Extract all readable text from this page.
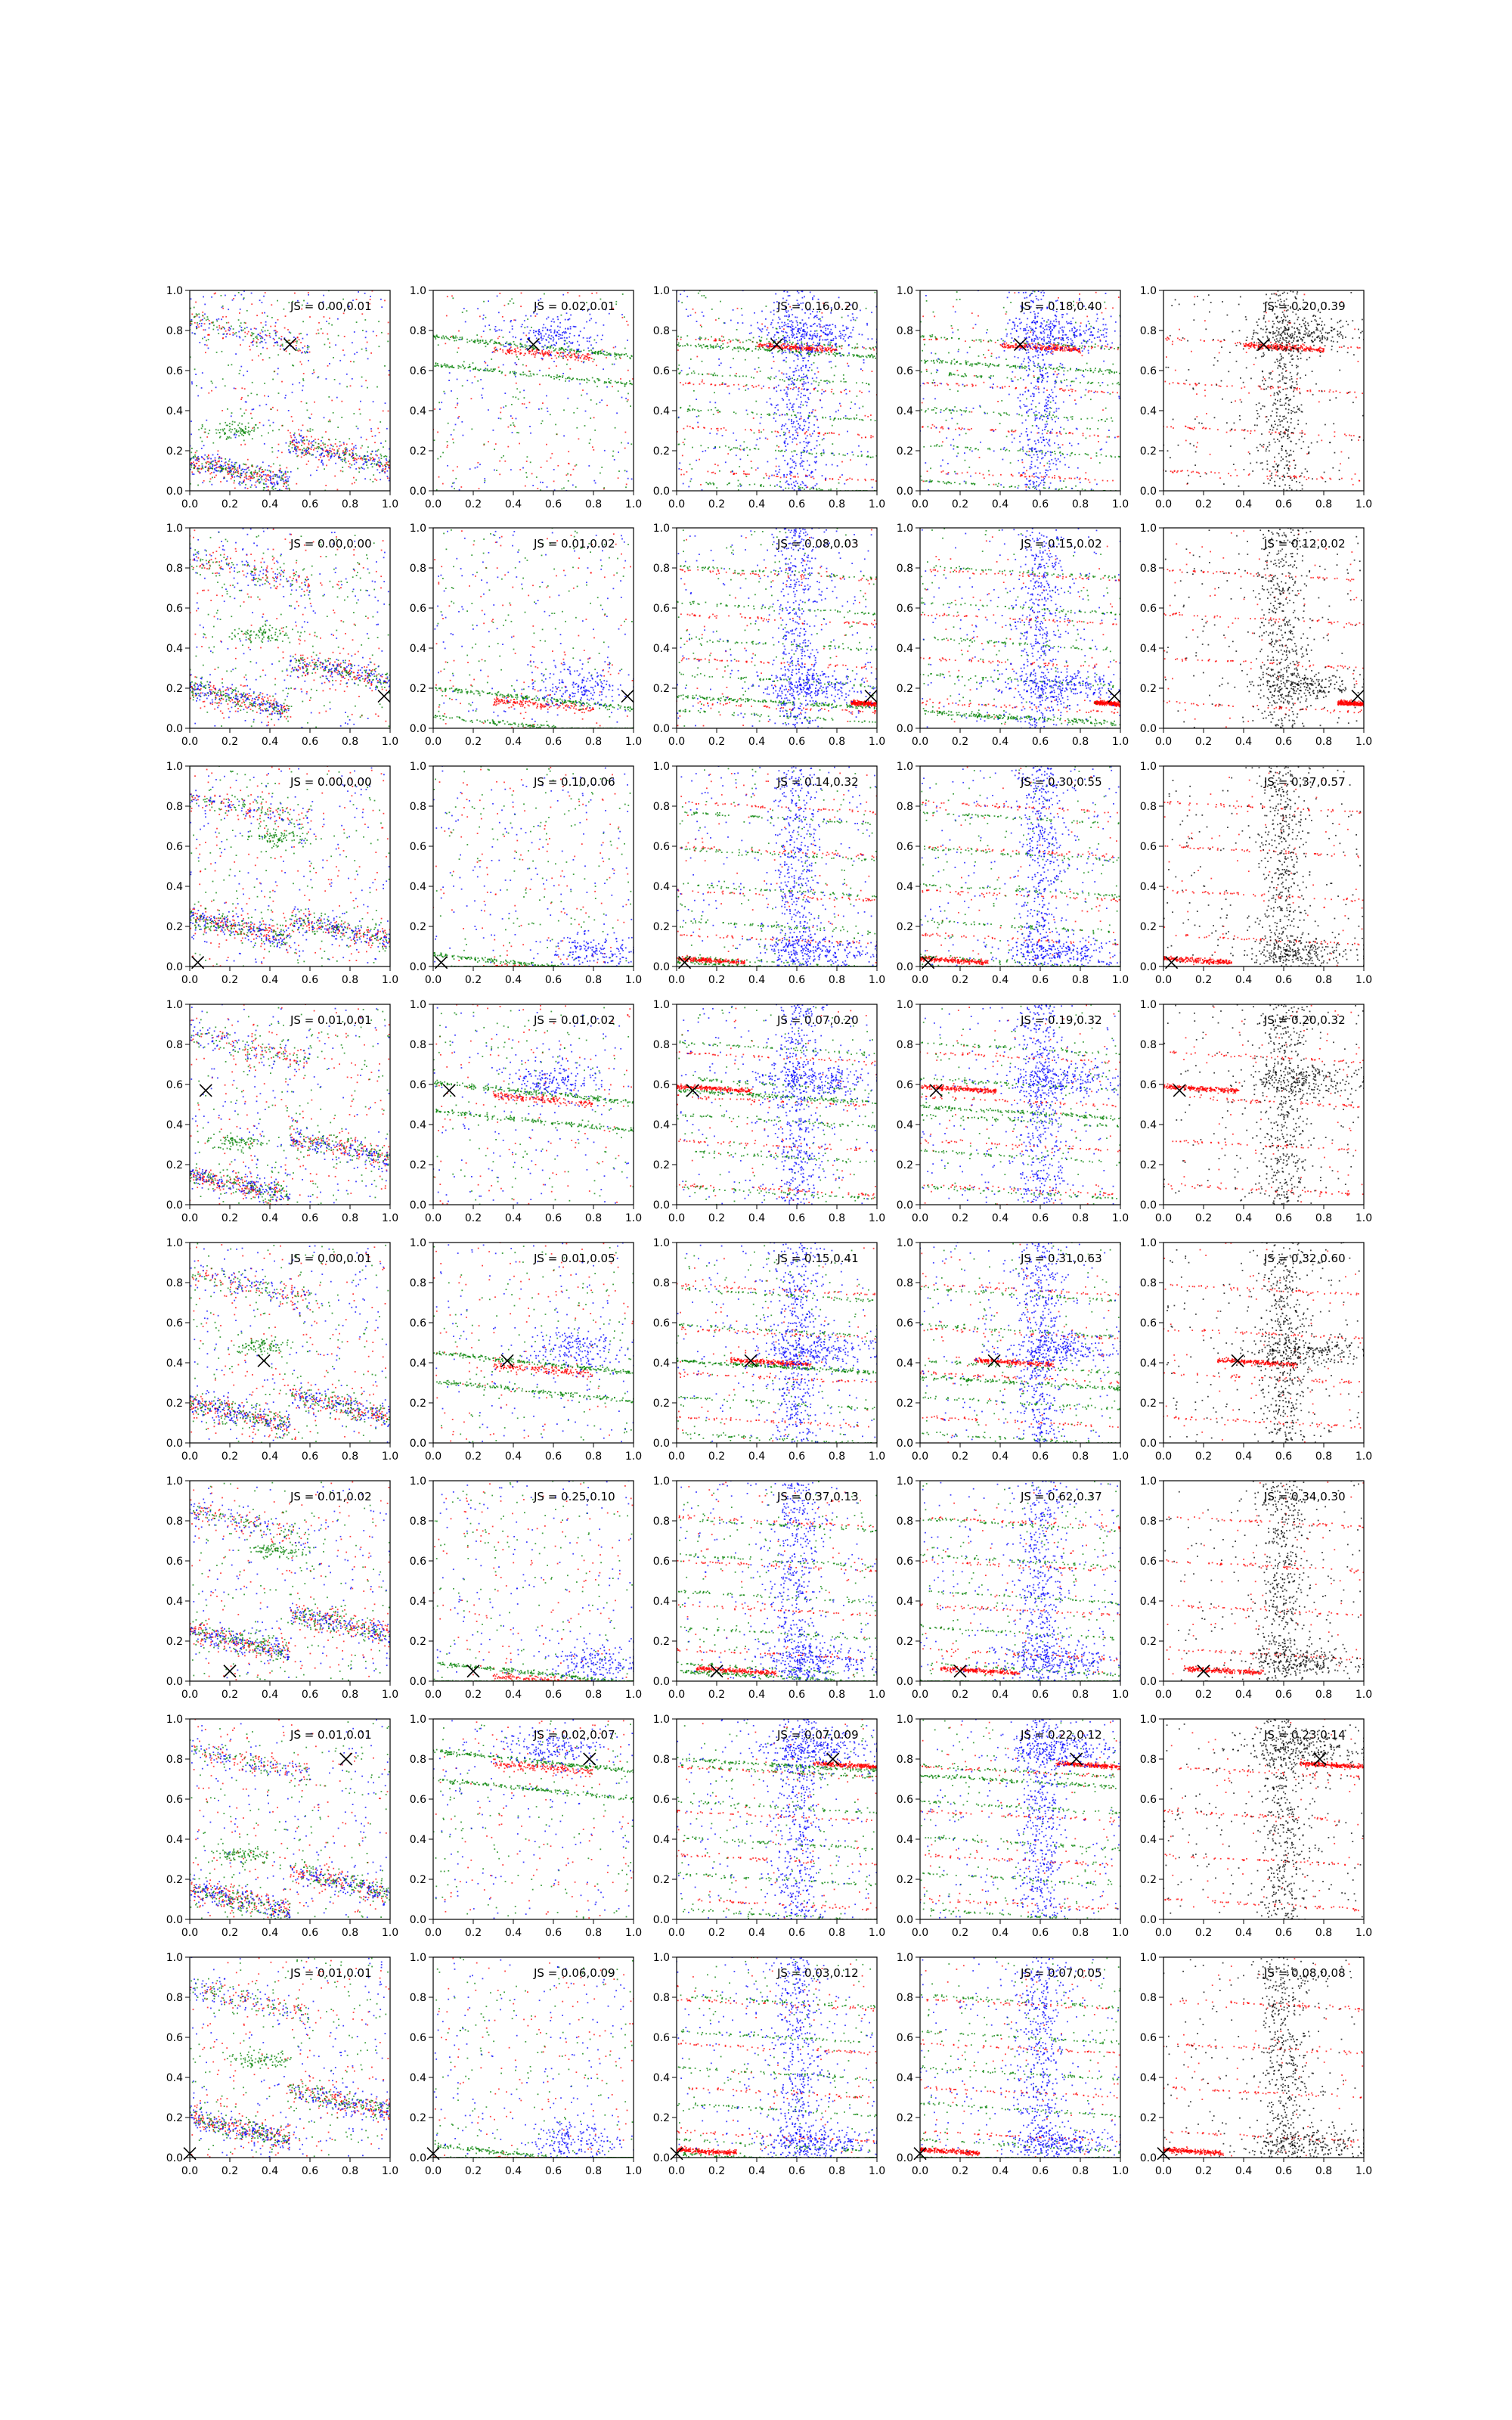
0.0 0.2 0.4 0.6 0.8 1.0
0.0
0.2
0.4
0.6
0.8
1.0
JS = 0.00,0.01
0.0 0.2 0.4 0.6 0.8 1.0
0.0
0.2
0.4
0.6
0.8
1.0
JS = 0.02,0.01
0.0 0.2 0.4 0.6 0.8 1.0
0.0
0.2
0.4
0.6
0.8
1.0
JS = 0.16,0.20
0.0 0.2 0.4 0.6 0.8 1.0
0.0
0.2
0.4
0.6
0.8
1.0
JS = 0.18,0.40
0.0 0.2 0.4 0.6 0.8 1.0
0.0
0.2
0.4
0.6
0.8
1.0
JS = 0.20,0.39
0.0 0.2 0.4 0.6 0.8 1.0
0.0
0.2
0.4
0.6
0.8
1.0
JS = 0.00,0.00
0.0 0.2 0.4 0.6 0.8 1.0
0.0
0.2
0.4
0.6
0.8
1.0
JS = 0.01,0.02
0.0 0.2 0.4 0.6 0.8 1.0
0.0
0.2
0.4
0.6
0.8
1.0
JS = 0.08,0.03
0.0 0.2 0.4 0.6 0.8 1.0
0.0
0.2
0.4
0.6
0.8
1.0
JS = 0.15,0.02
0.0 0.2 0.4 0.6 0.8 1.0
0.0
0.2
0.4
0.6
0.8
1.0
JS = 0.12,0.02
0.0 0.2 0.4 0.6 0.8 1.0
0.0
0.2
0.4
0.6
0.8
1.0
JS = 0.00,0.00
0.0 0.2 0.4 0.6 0.8 1.0
0.0
0.2
0.4
0.6
0.8
1.0
JS = 0.10,0.06
0.0 0.2 0.4 0.6 0.8 1.0
0.0
0.2
0.4
0.6
0.8
1.0
JS = 0.14,0.32
0.0 0.2 0.4 0.6 0.8 1.0
0.0
0.2
0.4
0.6
0.8
1.0
JS = 0.30,0.55
0.0 0.2 0.4 0.6 0.8 1.0
0.0
0.2
0.4
0.6
0.8
1.0
JS = 0.37,0.57
0.0 0.2 0.4 0.6 0.8 1.0
0.0
0.2
0.4
0.6
0.8
1.0
JS = 0.01,0.01
0.0 0.2 0.4 0.6 0.8 1.0
0.0
0.2
0.4
0.6
0.8
1.0
JS = 0.01,0.02
0.0 0.2 0.4 0.6 0.8 1.0
0.0
0.2
0.4
0.6
0.8
1.0
JS = 0.07,0.20
0.0 0.2 0.4 0.6 0.8 1.0
0.0
0.2
0.4
0.6
0.8
1.0
JS = 0.19,0.32
0.0 0.2 0.4 0.6 0.8 1.0
0.0
0.2
0.4
0.6
0.8
1.0
JS = 0.20,0.32
0.0 0.2 0.4 0.6 0.8 1.0
0.0
0.2
0.4
0.6
0.8
1.0
JS = 0.00,0.01
0.0 0.2 0.4 0.6 0.8 1.0
0.0
0.2
0.4
0.6
0.8
1.0
JS = 0.01,0.05
0.0 0.2 0.4 0.6 0.8 1.0
0.0
0.2
0.4
0.6
0.8
1.0
JS = 0.15,0.41
0.0 0.2 0.4 0.6 0.8 1.0
0.0
0.2
0.4
0.6
0.8
1.0
JS = 0.31,0.63
0.0 0.2 0.4 0.6 0.8 1.0
0.0
0.2
0.4
0.6
0.8
1.0
JS = 0.32,0.60
0.0 0.2 0.4 0.6 0.8 1.0
0.0
0.2
0.4
0.6
0.8
1.0
JS = 0.01,0.02
0.0 0.2 0.4 0.6 0.8 1.0
0.0
0.2
0.4
0.6
0.8
1.0
JS = 0.25,0.10
0.0 0.2 0.4 0.6 0.8 1.0
0.0
0.2
0.4
0.6
0.8
1.0
JS = 0.37,0.13
0.0 0.2 0.4 0.6 0.8 1.0
0.0
0.2
0.4
0.6
0.8
1.0
JS = 0.62,0.37
0.0 0.2 0.4 0.6 0.8 1.0
0.0
0.2
0.4
0.6
0.8
1.0
JS = 0.34,0.30
0.0 0.2 0.4 0.6 0.8 1.0
0.0
0.2
0.4
0.6
0.8
1.0
JS = 0.01,0.01
0.0 0.2 0.4 0.6 0.8 1.0
0.0
0.2
0.4
0.6
0.8
1.0
JS = 0.02,0.07
0.0 0.2 0.4 0.6 0.8 1.0
0.0
0.2
0.4
0.6
0.8
1.0
JS = 0.07,0.09
0.0 0.2 0.4 0.6 0.8 1.0
0.0
0.2
0.4
0.6
0.8
1.0
JS = 0.22,0.12
0.0 0.2 0.4 0.6 0.8 1.0
0.0
0.2
0.4
0.6
0.8
1.0
JS = 0.23,0.14
0.0 0.2 0.4 0.6 0.8 1.0
0.0
0.2
0.4
0.6
0.8
1.0
JS = 0.01,0.01
0.0 0.2 0.4 0.6 0.8 1.0
0.0
0.2
0.4
0.6
0.8
1.0
JS = 0.06,0.09
0.0 0.2 0.4 0.6 0.8 1.0
0.0
0.2
0.4
0.6
0.8
1.0
JS = 0.03,0.12
0.0 0.2 0.4 0.6 0.8 1.0
0.0
0.2
0.4
0.6
0.8
1.0
JS = 0.07,0.05
0.0 0.2 0.4 0.6 0.8 1.0
0.0
0.2
0.4
0.6
0.8
1.0
JS = 0.08,0.08
